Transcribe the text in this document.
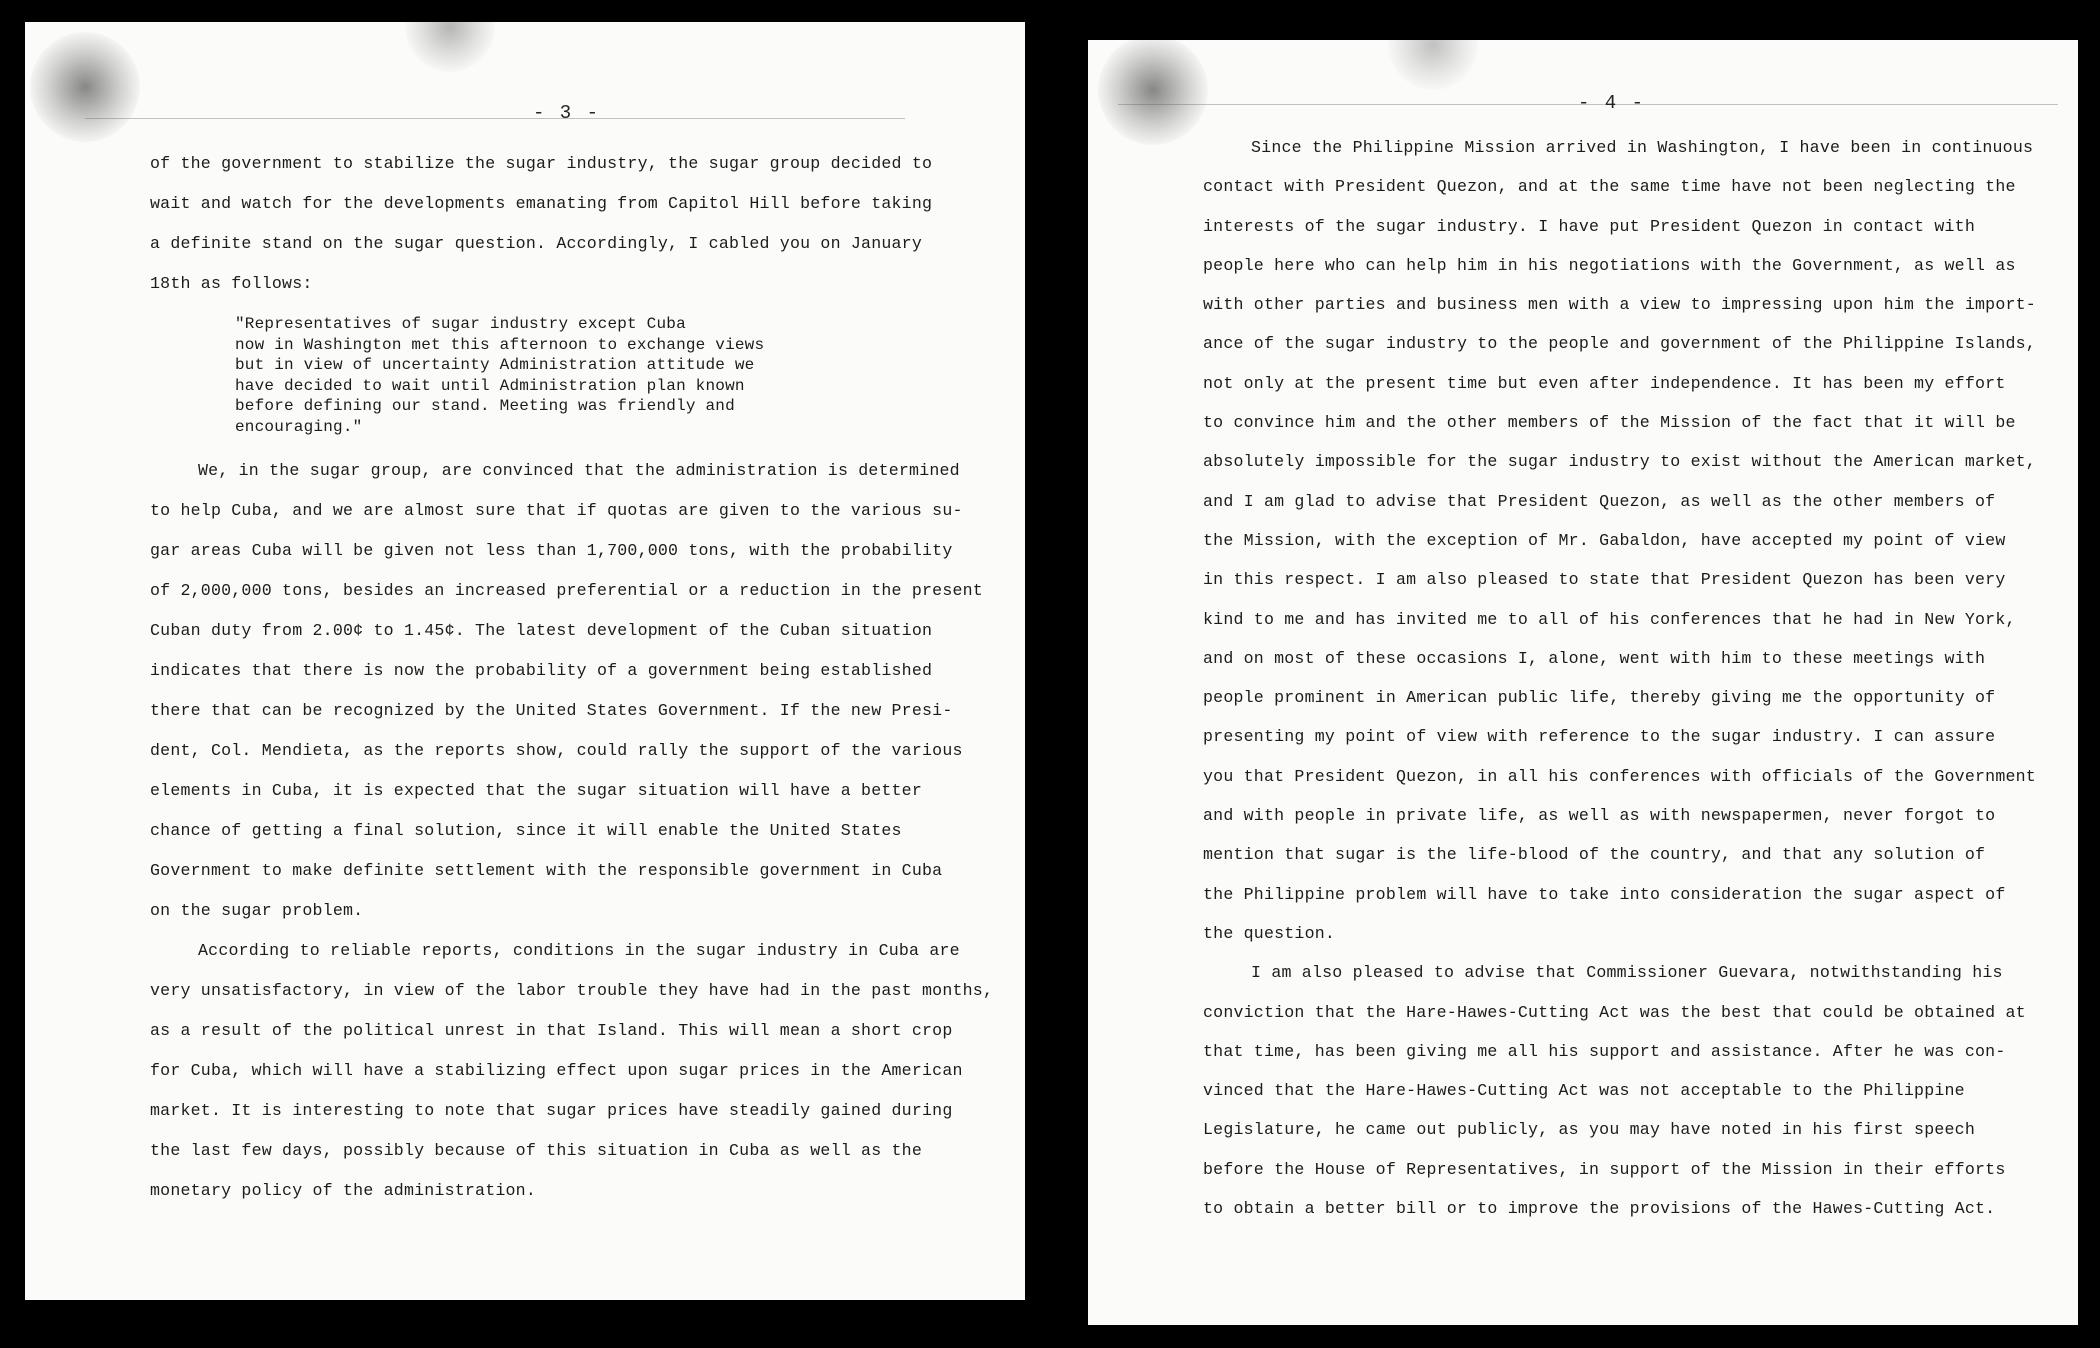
- 3 -

of the government to stabilize the sugar industry, the sugar group decided to
wait and watch for the developments emanating from Capitol Hill before taking
a definite stand on the sugar question. Accordingly, I cabled you on January
18th as follows:

"Representatives of sugar industry except Cuba
now in Washington met this afternoon to exchange views
but in view of uncertainty Administration attitude we
have decided to wait until Administration plan known
before defining our stand. Meeting was friendly and
encouraging."

We, in the sugar group, are convinced that the administration is determined
to help Cuba, and we are almost sure that if quotas are given to the various su-
gar areas Cuba will be given not less than 1,700,000 tons, with the probability
of 2,000,000 tons, besides an increased preferential or a reduction in the present
Cuban duty from 2.00¢ to 1.45¢. The latest development of the Cuban situation
indicates that there is now the probability of a government being established
there that can be recognized by the United States Government. If the new Presi-
dent, Col. Mendieta, as the reports show, could rally the support of the various
elements in Cuba, it is expected that the sugar situation will have a better
chance of getting a final solution, since it will enable the United States
Government to make definite settlement with the responsible government in Cuba
on the sugar problem.

According to reliable reports, conditions in the sugar industry in Cuba are
very unsatisfactory, in view of the labor trouble they have had in the past months,
as a result of the political unrest in that Island. This will mean a short crop
for Cuba, which will have a stabilizing effect upon sugar prices in the American
market. It is interesting to note that sugar prices have steadily gained during
the last few days, possibly because of this situation in Cuba as well as the
monetary policy of the administration.

- 4 -

Since the Philippine Mission arrived in Washington, I have been in continuous
contact with President Quezon, and at the same time have not been neglecting the
interests of the sugar industry. I have put President Quezon in contact with
people here who can help him in his negotiations with the Government, as well as
with other parties and business men with a view to impressing upon him the import-
ance of the sugar industry to the people and government of the Philippine Islands,
not only at the present time but even after independence. It has been my effort
to convince him and the other members of the Mission of the fact that it will be
absolutely impossible for the sugar industry to exist without the American market,
and I am glad to advise that President Quezon, as well as the other members of
the Mission, with the exception of Mr. Gabaldon, have accepted my point of view
in this respect. I am also pleased to state that President Quezon has been very
kind to me and has invited me to all of his conferences that he had in New York,
and on most of these occasions I, alone, went with him to these meetings with
people prominent in American public life, thereby giving me the opportunity of
presenting my point of view with reference to the sugar industry. I can assure
you that President Quezon, in all his conferences with officials of the Government
and with people in private life, as well as with newspapermen, never forgot to
mention that sugar is the life-blood of the country, and that any solution of
the Philippine problem will have to take into consideration the sugar aspect of
the question.

I am also pleased to advise that Commissioner Guevara, notwithstanding his
conviction that the Hare-Hawes-Cutting Act was the best that could be obtained at
that time, has been giving me all his support and assistance. After he was con-
vinced that the Hare-Hawes-Cutting Act was not acceptable to the Philippine
Legislature, he came out publicly, as you may have noted in his first speech
before the House of Representatives, in support of the Mission in their efforts
to obtain a better bill or to improve the provisions of the Hawes-Cutting Act.
